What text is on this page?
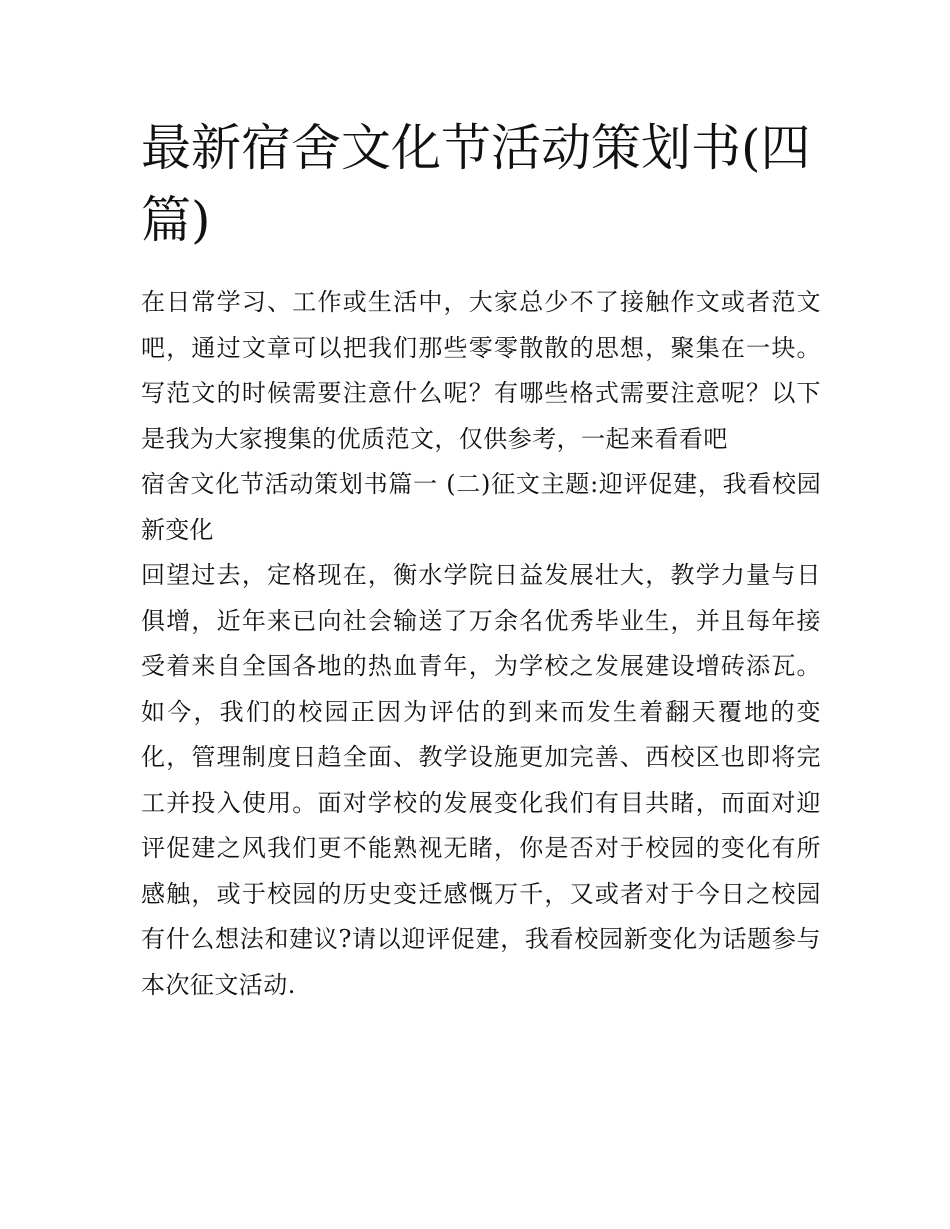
最新宿舍文化节活动策划书(四篇)

在日常学习、工作或生活中，大家总少不了接触作文或者范文吧，通过文章可以把我们那些零零散散的思想，聚集在一块。写范文的时候需要注意什么呢？有哪些格式需要注意呢？以下是我为大家搜集的优质范文，仅供参考，一起来看看吧

宿舍文化节活动策划书篇一 (二)征文主题:迎评促建，我看校园新变化

回望过去，定格现在，衡水学院日益发展壮大，教学力量与日俱增，近年来已向社会输送了万余名优秀毕业生，并且每年接受着来自全国各地的热血青年，为学校之发展建设增砖添瓦。如今，我们的校园正因为评估的到来而发生着翻天覆地的变化，管理制度日趋全面、教学设施更加完善、西校区也即将完工并投入使用。面对学校的发展变化我们有目共睹，而面对迎评促建之风我们更不能熟视无睹，你是否对于校园的变化有所感触，或于校园的历史变迁感慨万千，又或者对于今日之校园有什么想法和建议?请以迎评促建，我看校园新变化为话题参与本次征文活动.
